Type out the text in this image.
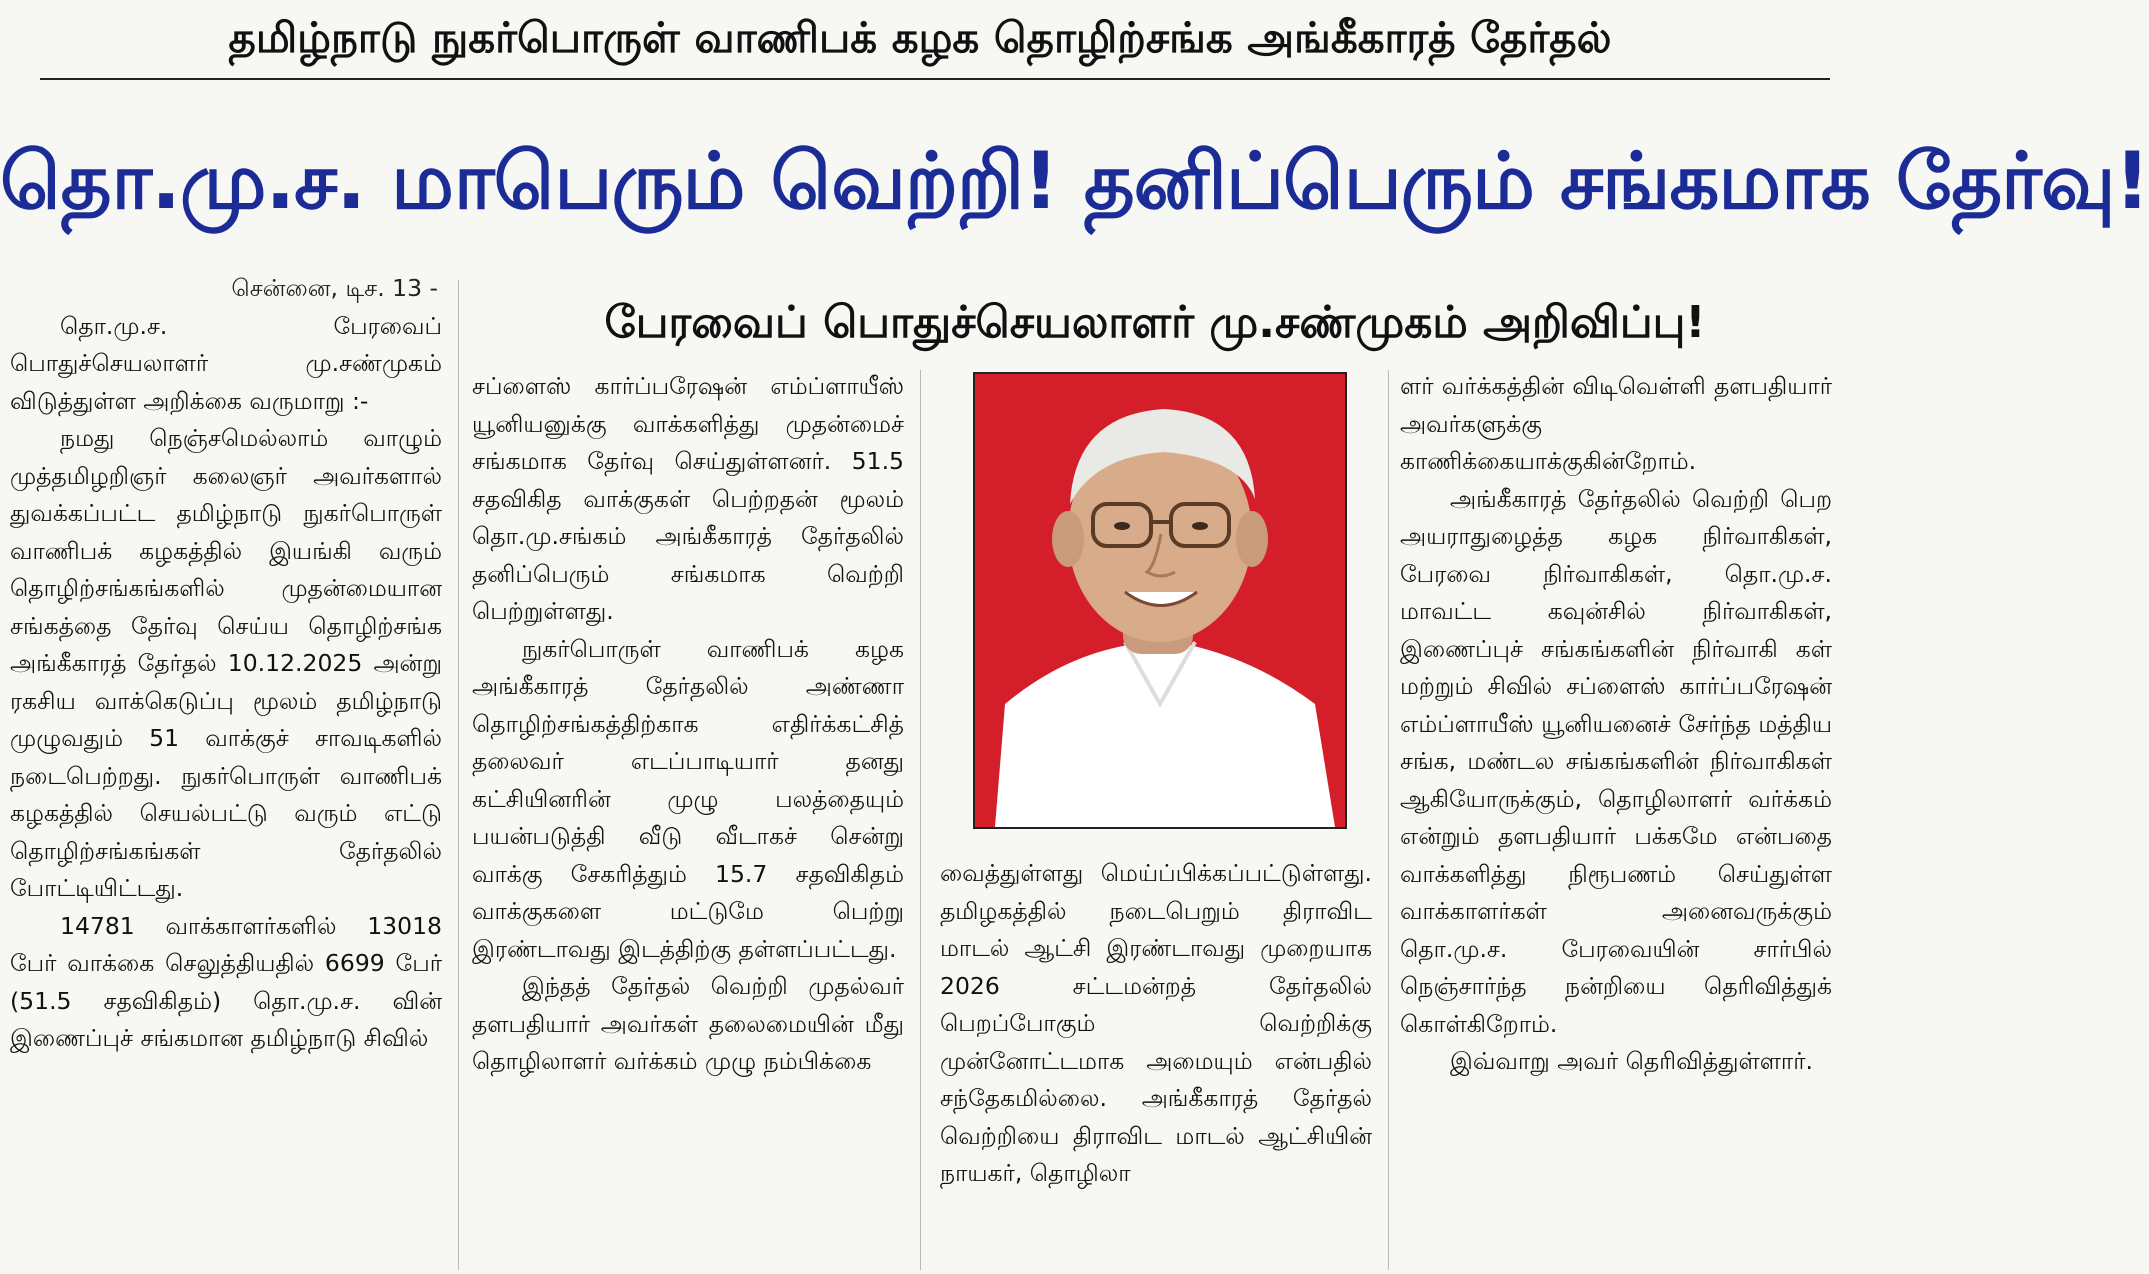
தமிழ்நாடு நுகர்பொருள் வாணிபக் கழக தொழிற்சங்க அங்கீகாரத் தேர்தல்
தொ.மு.ச. மாபெரும் வெற்றி! தனிப்பெரும் சங்கமாக தேர்வு!
பேரவைப் பொதுச்செயலாளர் மு.சண்முகம் அறிவிப்பு!

சென்னை, டிச. 13 -

தொ.மு.ச. பேரவைப் பொதுச்செயலாளர் மு.சண்முகம் விடுத்துள்ள அறிக்கை வருமாறு :-

நமது நெஞ்சமெல்லாம் வாழும் முத்தமிழறிஞர் கலைஞர் அவர்களால் துவக்கப்பட்ட தமிழ்நாடு நுகர்பொருள் வாணிபக் கழகத்தில் இயங்கி வரும் தொழிற்சங்கங்களில் முதன்மையான சங்கத்தை தேர்வு செய்ய தொழிற்சங்க அங்கீகாரத் தேர்தல் 10.12.2025 அன்று ரகசிய வாக்கெடுப்பு மூலம் தமிழ்நாடு முழுவதும் 51 வாக்குச் சாவடிகளில் நடைபெற்றது. நுகர்பொருள் வாணிபக் கழகத்தில் செயல்பட்டு வரும் எட்டு தொழிற்சங்கங்கள் தேர்தலில் போட்டியிட்டது.

14781 வாக்காளர்களில் 13018 பேர் வாக்கை செலுத்தியதில் 6699 பேர் (51.5 சதவிகிதம்) தொ.மு.ச. வின் இணைப்புச் சங்கமான தமிழ்நாடு சிவில்

சப்ளைஸ் கார்ப்பரேஷன் எம்ப்ளாயீஸ் யூனியனுக்கு வாக்களித்து முதன்மைச் சங்கமாக தேர்வு செய்துள்ளனர். 51.5 சதவிகித வாக்குகள் பெற்றதன் மூலம் தொ.மு.சங்கம் அங்கீகாரத் தேர்தலில் தனிப்பெரும் சங்கமாக வெற்றி பெற்றுள்ளது.

நுகர்பொருள் வாணிபக் கழக அங்கீகாரத் தேர்தலில் அண்ணா தொழிற்சங்கத்திற்காக எதிர்க்கட்சித் தலைவர் எடப்பாடியார் தனது கட்சியினரின் முழு பலத்தையும் பயன்படுத்தி வீடு வீடாகச் சென்று வாக்கு சேகரித்தும் 15.7 சதவிகிதம் வாக்குகளை மட்டுமே பெற்று இரண்டாவது இடத்திற்கு தள்ளப்பட்டது.

இந்தத் தேர்தல் வெற்றி முதல்வர் தளபதியார் அவர்கள் தலைமையின் மீது தொழிலாளர் வர்க்கம் முழு நம்பிக்கை

வைத்துள்ளது மெய்ப்பிக்கப்பட்டுள்ளது. தமிழகத்தில் நடைபெறும் திராவிட மாடல் ஆட்சி இரண்டாவது முறையாக 2026 சட்டமன்றத் தேர்தலில் பெறப்போகும் வெற்றிக்கு முன்னோட்டமாக அமையும் என்பதில் சந்தேகமில்லை. அங்கீகாரத் தேர்தல் வெற்றியை திராவிட மாடல் ஆட்சியின் நாயகர், தொழிலா

ளர் வர்க்கத்தின் விடிவெள்ளி தளபதியார் அவர்களுக்கு காணிக்கையாக்குகின்றோம்.

அங்கீகாரத் தேர்தலில் வெற்றி பெற அயராதுழைத்த கழக நிர்வாகிகள், பேரவை நிர்வாகிகள், தொ.மு.ச. மாவட்ட கவுன்சில் நிர்வாகிகள், இணைப்புச் சங்கங்களின் நிர்வாகி கள் மற்றும் சிவில் சப்ளைஸ் கார்ப்பரேஷன் எம்ப்ளாயீஸ் யூனியனைச் சேர்ந்த மத்திய சங்க, மண்டல சங்கங்களின் நிர்வாகிகள் ஆகியோருக்கும், தொழிலாளர் வர்க்கம் என்றும் தளபதியார் பக்கமே என்பதை வாக்களித்து நிரூபணம் செய்துள்ள வாக்காளர்கள் அனைவருக்கும் தொ.மு.ச. பேரவையின் சார்பில் நெஞ்சார்ந்த நன்றியை தெரிவித்துக் கொள்கிறோம்.

இவ்வாறு அவர் தெரிவித்துள்ளார்.
